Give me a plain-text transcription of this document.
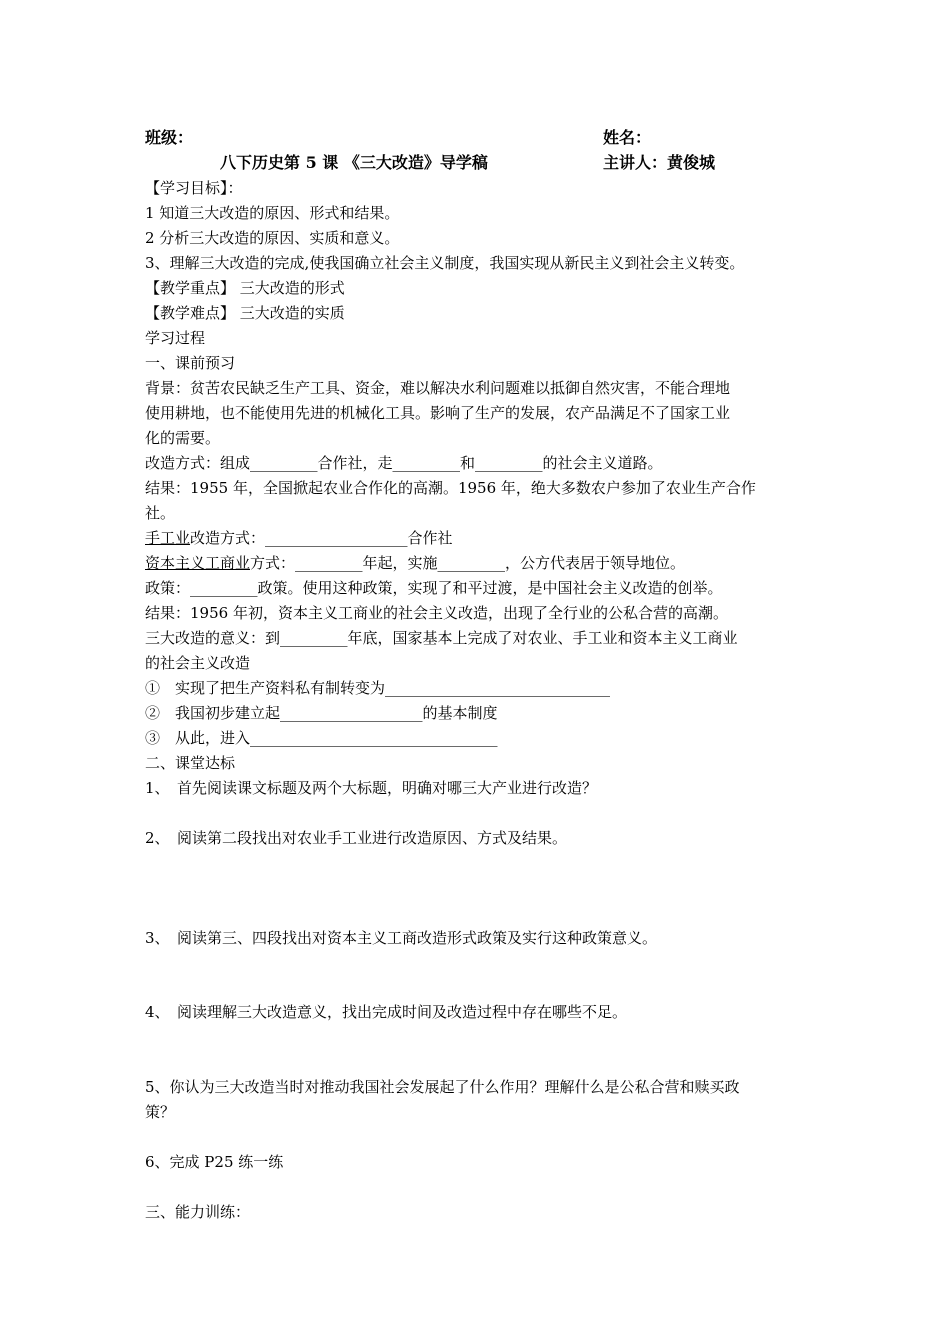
班级：	姓名：
八下历史第 5 课 《三大改造》导学稿	主讲人：黄俊城
【学习目标】：
1 知道三大改造的原因、形式和结果。
2 分析三大改造的原因、实质和意义。
3、理解三大改造的完成,使我国确立社会主义制度，我国实现从新民主义到社会主义转变。
【教学重点】 三大改造的形式
【教学难点】 三大改造的实质
学习过程
一、课前预习
背景：贫苦农民缺乏生产工具、资金，难以解决水利问题难以抵御自然灾害，不能合理地
使用耕地，也不能使用先进的机械化工具。影响了生产的发展，农产品满足不了国家工业
化的需要。
改造方式：组成_________合作社，走_________和_________的社会主义道路。
结果：1955 年，全国掀起农业合作化的高潮。1956 年，绝大多数农户参加了农业生产合作
社。
手工业改造方式：___________________合作社
资本主义工商业方式：_________年起，实施_________，公方代表居于领导地位。
政策：_________政策。使用这种政策，实现了和平过渡，是中国社会主义改造的创举。
结果：1956 年初，资本主义工商业的社会主义改造，出现了全行业的公私合营的高潮。
三大改造的意义：到_________年底，国家基本上完成了对农业、手工业和资本主义工商业
的社会主义改造
①　实现了把生产资料私有制转变为______________________________
②　我国初步建立起___________________的基本制度
③　从此，进入_________________________________
二、课堂达标
1、　首先阅读课文标题及两个大标题，明确对哪三大产业进行改造？
2、　阅读第二段找出对农业手工业进行改造原因、方式及结果。
3、　阅读第三、四段找出对资本主义工商改造形式政策及实行这种政策意义。
4、　阅读理解三大改造意义，找出完成时间及改造过程中存在哪些不足。
5、你认为三大改造当时对推动我国社会发展起了什么作用？理解什么是公私合营和赎买政
策？
6、完成 P25 练一练
三、能力训练：
